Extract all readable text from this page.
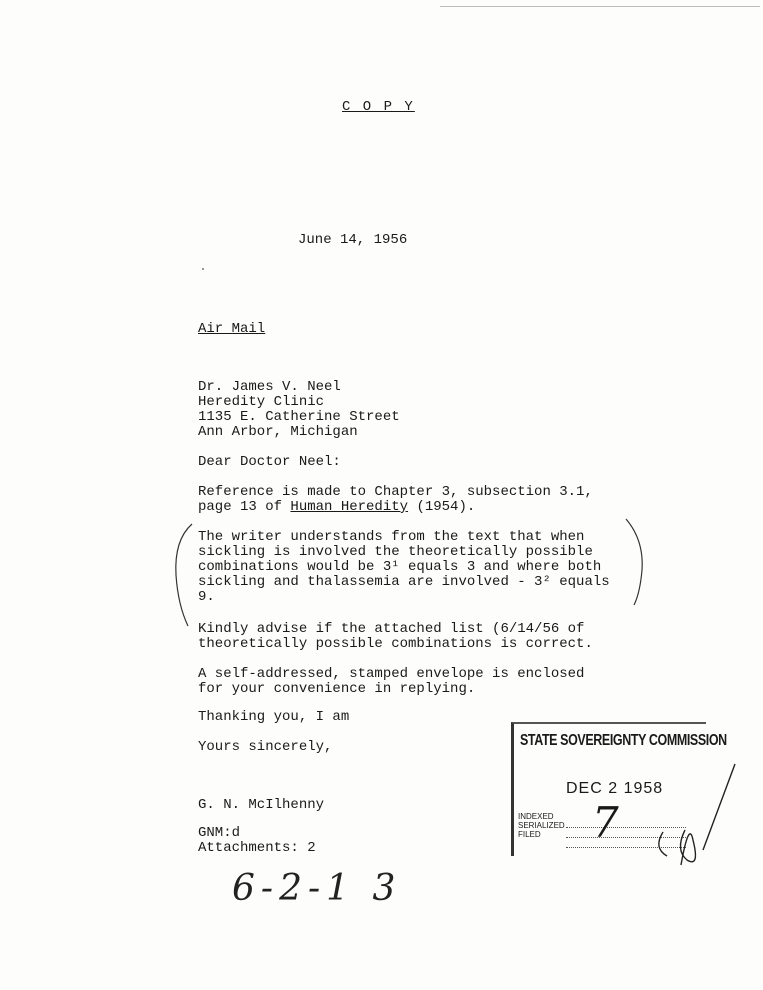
C O P Y
June 14, 1956
Air Mail
Dr. James V. Neel
Heredity Clinic
1135 E. Catherine Street
Ann Arbor, Michigan
Dear Doctor Neel:
Reference is made to Chapter 3, subsection 3.1,
page 13 of Human Heredity (1954).
The writer understands from the text that when
sickling is involved the theoretically possible
combinations would be 3¹ equals 3 and where both
sickling and thalassemia are involved - 3² equals
9.
Kindly advise if the attached list (6/14/56 of
theoretically possible combinations is correct.
A self-addressed, stamped envelope is enclosed
for your convenience in replying.
Thanking you, I am
Yours sincerely,
G. N. McIlhenny
GNM:d
Attachments: 2
STATE SOVEREIGNTY COMMISSION
DEC 2 1958
INDEXED
SERIALIZED
FILED	7
6-2-1 3
